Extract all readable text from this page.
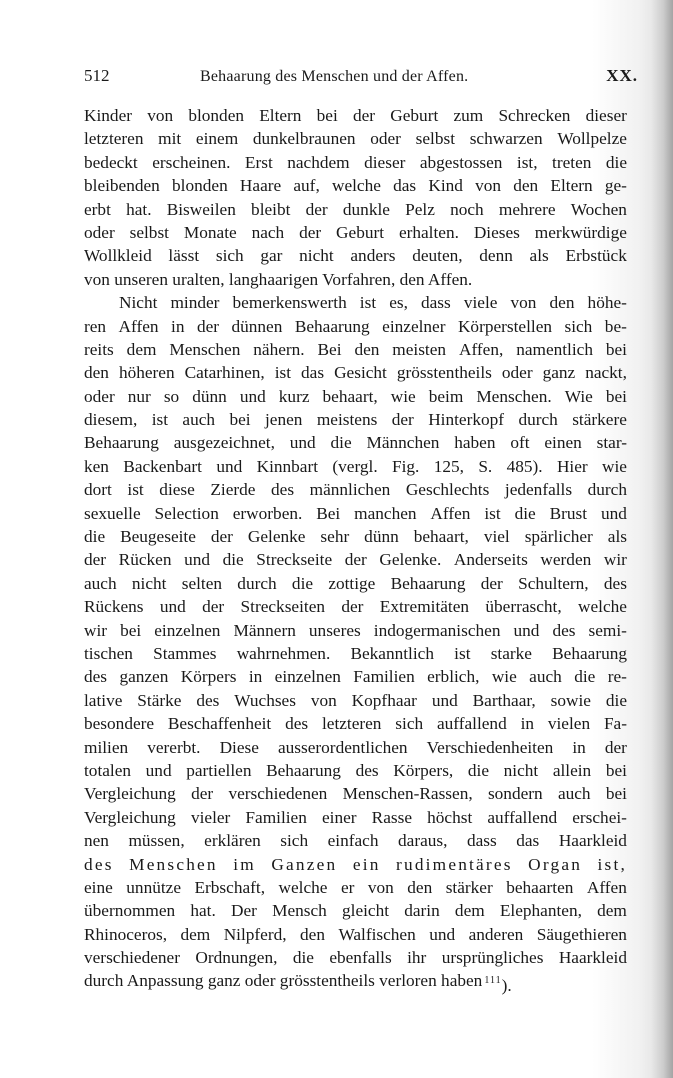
512	Behaarung des Menschen und der Affen.	XX.
Kinder von blonden Eltern bei der Geburt zum Schrecken dieser
letzteren mit einem dunkelbraunen oder selbst schwarzen Wollpelze
bedeckt erscheinen. Erst nachdem dieser abgestossen ist, treten die
bleibenden blonden Haare auf, welche das Kind von den Eltern ge-
erbt hat. Bisweilen bleibt der dunkle Pelz noch mehrere Wochen
oder selbst Monate nach der Geburt erhalten. Dieses merkwürdige
Wollkleid lässt sich gar nicht anders deuten, denn als Erbstück
von unseren uralten, langhaarigen Vorfahren, den Affen.
Nicht minder bemerkenswerth ist es, dass viele von den höhe-
ren Affen in der dünnen Behaarung einzelner Körperstellen sich be-
reits dem Menschen nähern. Bei den meisten Affen, namentlich bei
den höheren Catarhinen, ist das Gesicht grösstentheils oder ganz nackt,
oder nur so dünn und kurz behaart, wie beim Menschen. Wie bei
diesem, ist auch bei jenen meistens der Hinterkopf durch stärkere
Behaarung ausgezeichnet, und die Männchen haben oft einen star-
ken Backenbart und Kinnbart (vergl. Fig. 125, S. 485). Hier wie
dort ist diese Zierde des männlichen Geschlechts jedenfalls durch
sexuelle Selection erworben. Bei manchen Affen ist die Brust und
die Beugeseite der Gelenke sehr dünn behaart, viel spärlicher als
der Rücken und die Streckseite der Gelenke. Anderseits werden wir
auch nicht selten durch die zottige Behaarung der Schultern, des
Rückens und der Streckseiten der Extremitäten überrascht, welche
wir bei einzelnen Männern unseres indogermanischen und des semi-
tischen Stammes wahrnehmen. Bekanntlich ist starke Behaarung
des ganzen Körpers in einzelnen Familien erblich, wie auch die re-
lative Stärke des Wuchses von Kopfhaar und Barthaar, sowie die
besondere Beschaffenheit des letzteren sich auffallend in vielen Fa-
milien vererbt. Diese ausserordentlichen Verschiedenheiten in der
totalen und partiellen Behaarung des Körpers, die nicht allein bei
Vergleichung der verschiedenen Menschen-Rassen, sondern auch bei
Vergleichung vieler Familien einer Rasse höchst auffallend erschei-
nen müssen, erklären sich einfach daraus, dass das Haarkleid
des Menschen im Ganzen ein rudimentäres Organ ist,
eine unnütze Erbschaft, welche er von den stärker behaarten Affen
übernommen hat. Der Mensch gleicht darin dem Elephanten, dem
Rhinoceros, dem Nilpferd, den Walfischen und anderen Säugethieren
verschiedener Ordnungen, die ebenfalls ihr ursprüngliches Haarkleid
durch Anpassung ganz oder grösstentheils verloren haben $^{111}$).
